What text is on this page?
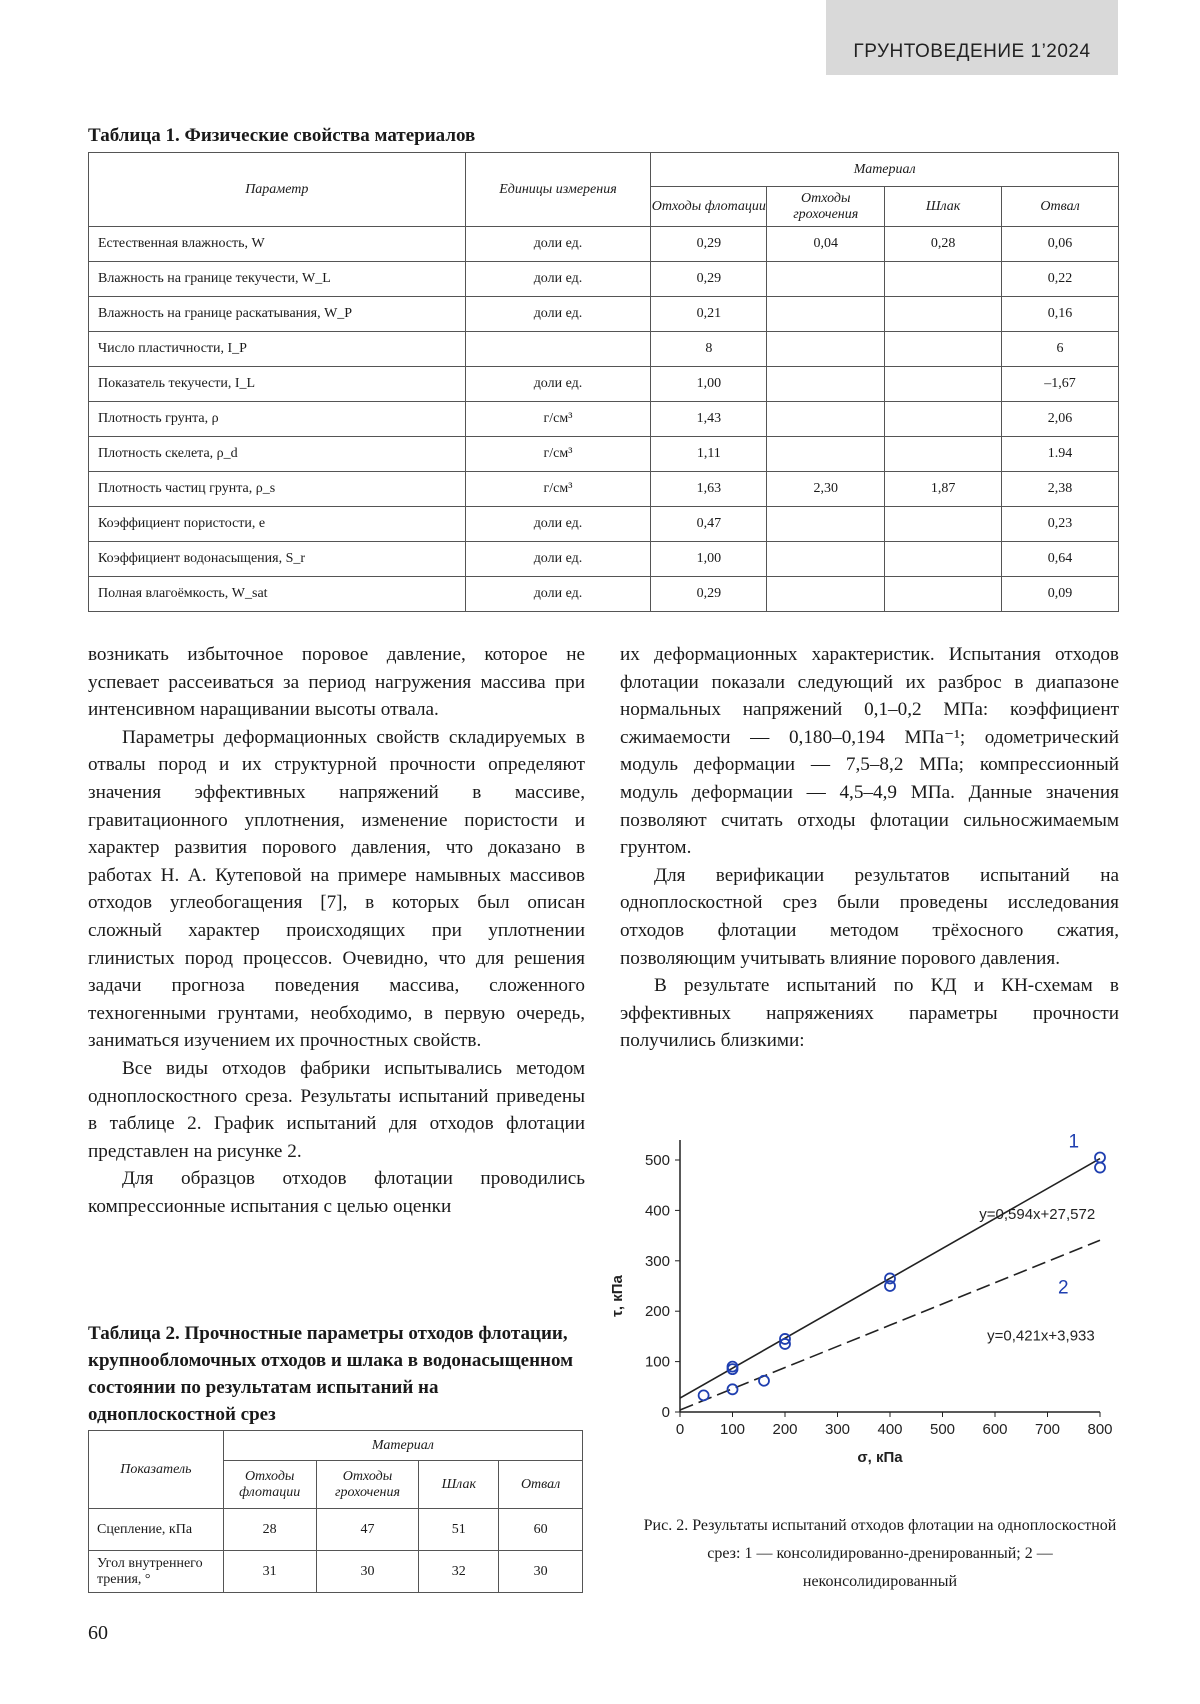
ГРУНТОВЕДЕНИЕ 1’2024
Таблица 1. Физические свойства материалов
Параметр	Единицы измерения	Материал			
		Отходы флотации	Отходы грохочения	Шлак	Отвал
Естественная влажность, W	доли ед.	0,29	0,04	0,28	0,06
Влажность на границе текучести, W_L	доли ед.	0,29			0,22
Влажность на границе раскатывания, W_P	доли ед.	0,21			0,16
Число пластичности, I_P		8			6
Показатель текучести, I_L	доли ед.	1,00			–1,67
Плотность грунта, ρ	г/см³	1,43			2,06
Плотность скелета, ρ_d	г/см³	1,11			1.94
Плотность частиц грунта, ρ_s	г/см³	1,63	2,30	1,87	2,38
Коэффициент пористости, e	доли ед.	0,47			0,23
Коэффициент водонасыщения, S_r	доли ед.	1,00			0,64
Полная влагоёмкость, W_sat	доли ед.	0,29			0,09

возникать избыточное поровое давление, которое не успевает рассеиваться за период нагружения массива при интенсивном наращивании высоты отвала.

Параметры деформационных свойств складируемых в отвалы пород и их структурной прочности определяют значения эффективных напряжений в массиве, гравитационного уплотнения, изменение пористости и характер развития порового давления, что доказано в работах Н. А. Кутеповой на примере намывных массивов отходов углеобогащения [7], в которых был описан сложный характер происходящих при уплотнении глинистых пород процессов. Очевидно, что для решения задачи прогноза поведения массива, сложенного техногенными грунтами, необходимо, в первую очередь, заниматься изучением их прочностных свойств.

Все виды отходов фабрики испытывались методом одноплоскостного среза. Результаты испытаний приведены в таблице 2. График испытаний для отходов флотации представлен на рисунке 2.

Для образцов отходов флотации проводились компрессионные испытания с целью оценки

их деформационных характеристик. Испытания отходов флотации показали следующий их разброс в диапазоне нормальных напряжений 0,1–0,2 МПа: коэффициент сжимаемости — 0,180–0,194 МПа⁻¹; одометрический модуль деформации — 7,5–8,2 МПа; компрессионный модуль деформации — 4,5–4,9 МПа. Данные значения позволяют считать отходы флотации сильносжимаемым грунтом.

Для верификации результатов испытаний на одноплоскостной срез были проведены исследования отходов флотации методом трёхосного сжатия, позволяющим учитывать влияние порового давления.

В результате испытаний по КД и КН-схемам в эффективных напряжениях параметры прочности получились близкими:

Таблица 2. Прочностные параметры отходов флотации, крупнообломочных отходов и шлака в водонасыщенном состоянии по результатам испытаний на одноплоскостной срез
Показатель	Материал			
	Отходы флотации	Отходы грохочения	Шлак	Отвал
Сцепление, кПа	28	47	51	60
Угол внутреннего трения, °	31	30	32	30
0 100 200 300 400 500 600 700 800
0
100
200
300
400
500
σ, кПа
τ, кПа
1
y=0,594x+27,572
2
y=0,421x+3,933
Рис. 2. Результаты испытаний отходов флотации на одноплоскостной срез: 1 — консолидированно-дренированный; 2 — неконсолидированный
60
